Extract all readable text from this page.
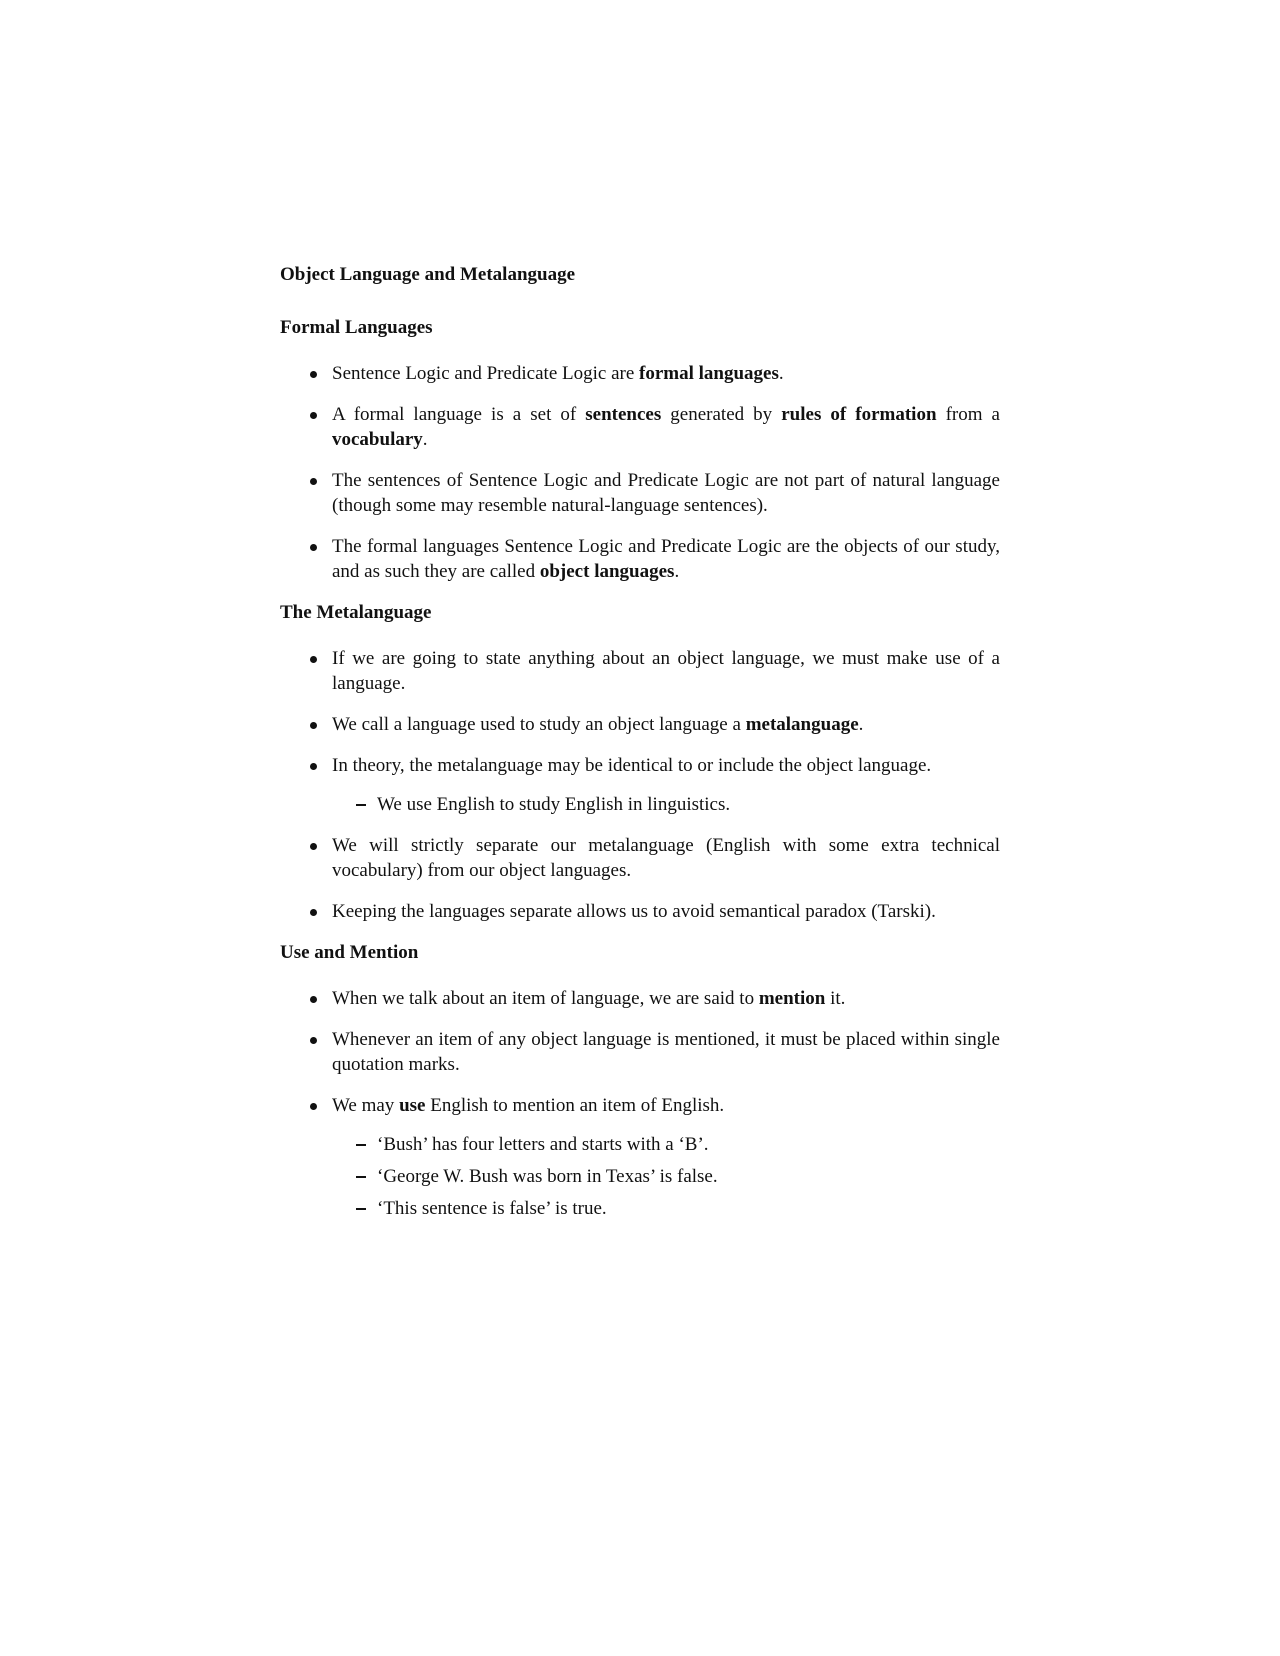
Object Language and Metalanguage
Formal Languages
Sentence Logic and Predicate Logic are formal languages.
A formal language is a set of sentences generated by rules of formation from a vocabulary.
The sentences of Sentence Logic and Predicate Logic are not part of natural language (though some may resemble natural-language sentences).
The formal languages Sentence Logic and Predicate Logic are the objects of our study, and as such they are called object languages.
The Metalanguage
If we are going to state anything about an object language, we must make use of a language.
We call a language used to study an object language a metalanguage.
In theory, the metalanguage may be identical to or include the object language.
We use English to study English in linguistics.
We will strictly separate our metalanguage (English with some extra technical vocabulary) from our object languages.
Keeping the languages separate allows us to avoid semantical paradox (Tarski).
Use and Mention
When we talk about an item of language, we are said to mention it.
Whenever an item of any object language is mentioned, it must be placed within single quotation marks.
We may use English to mention an item of English.
‘Bush’ has four letters and starts with a ‘B’.
‘George W. Bush was born in Texas’ is false.
‘This sentence is false’ is true.
